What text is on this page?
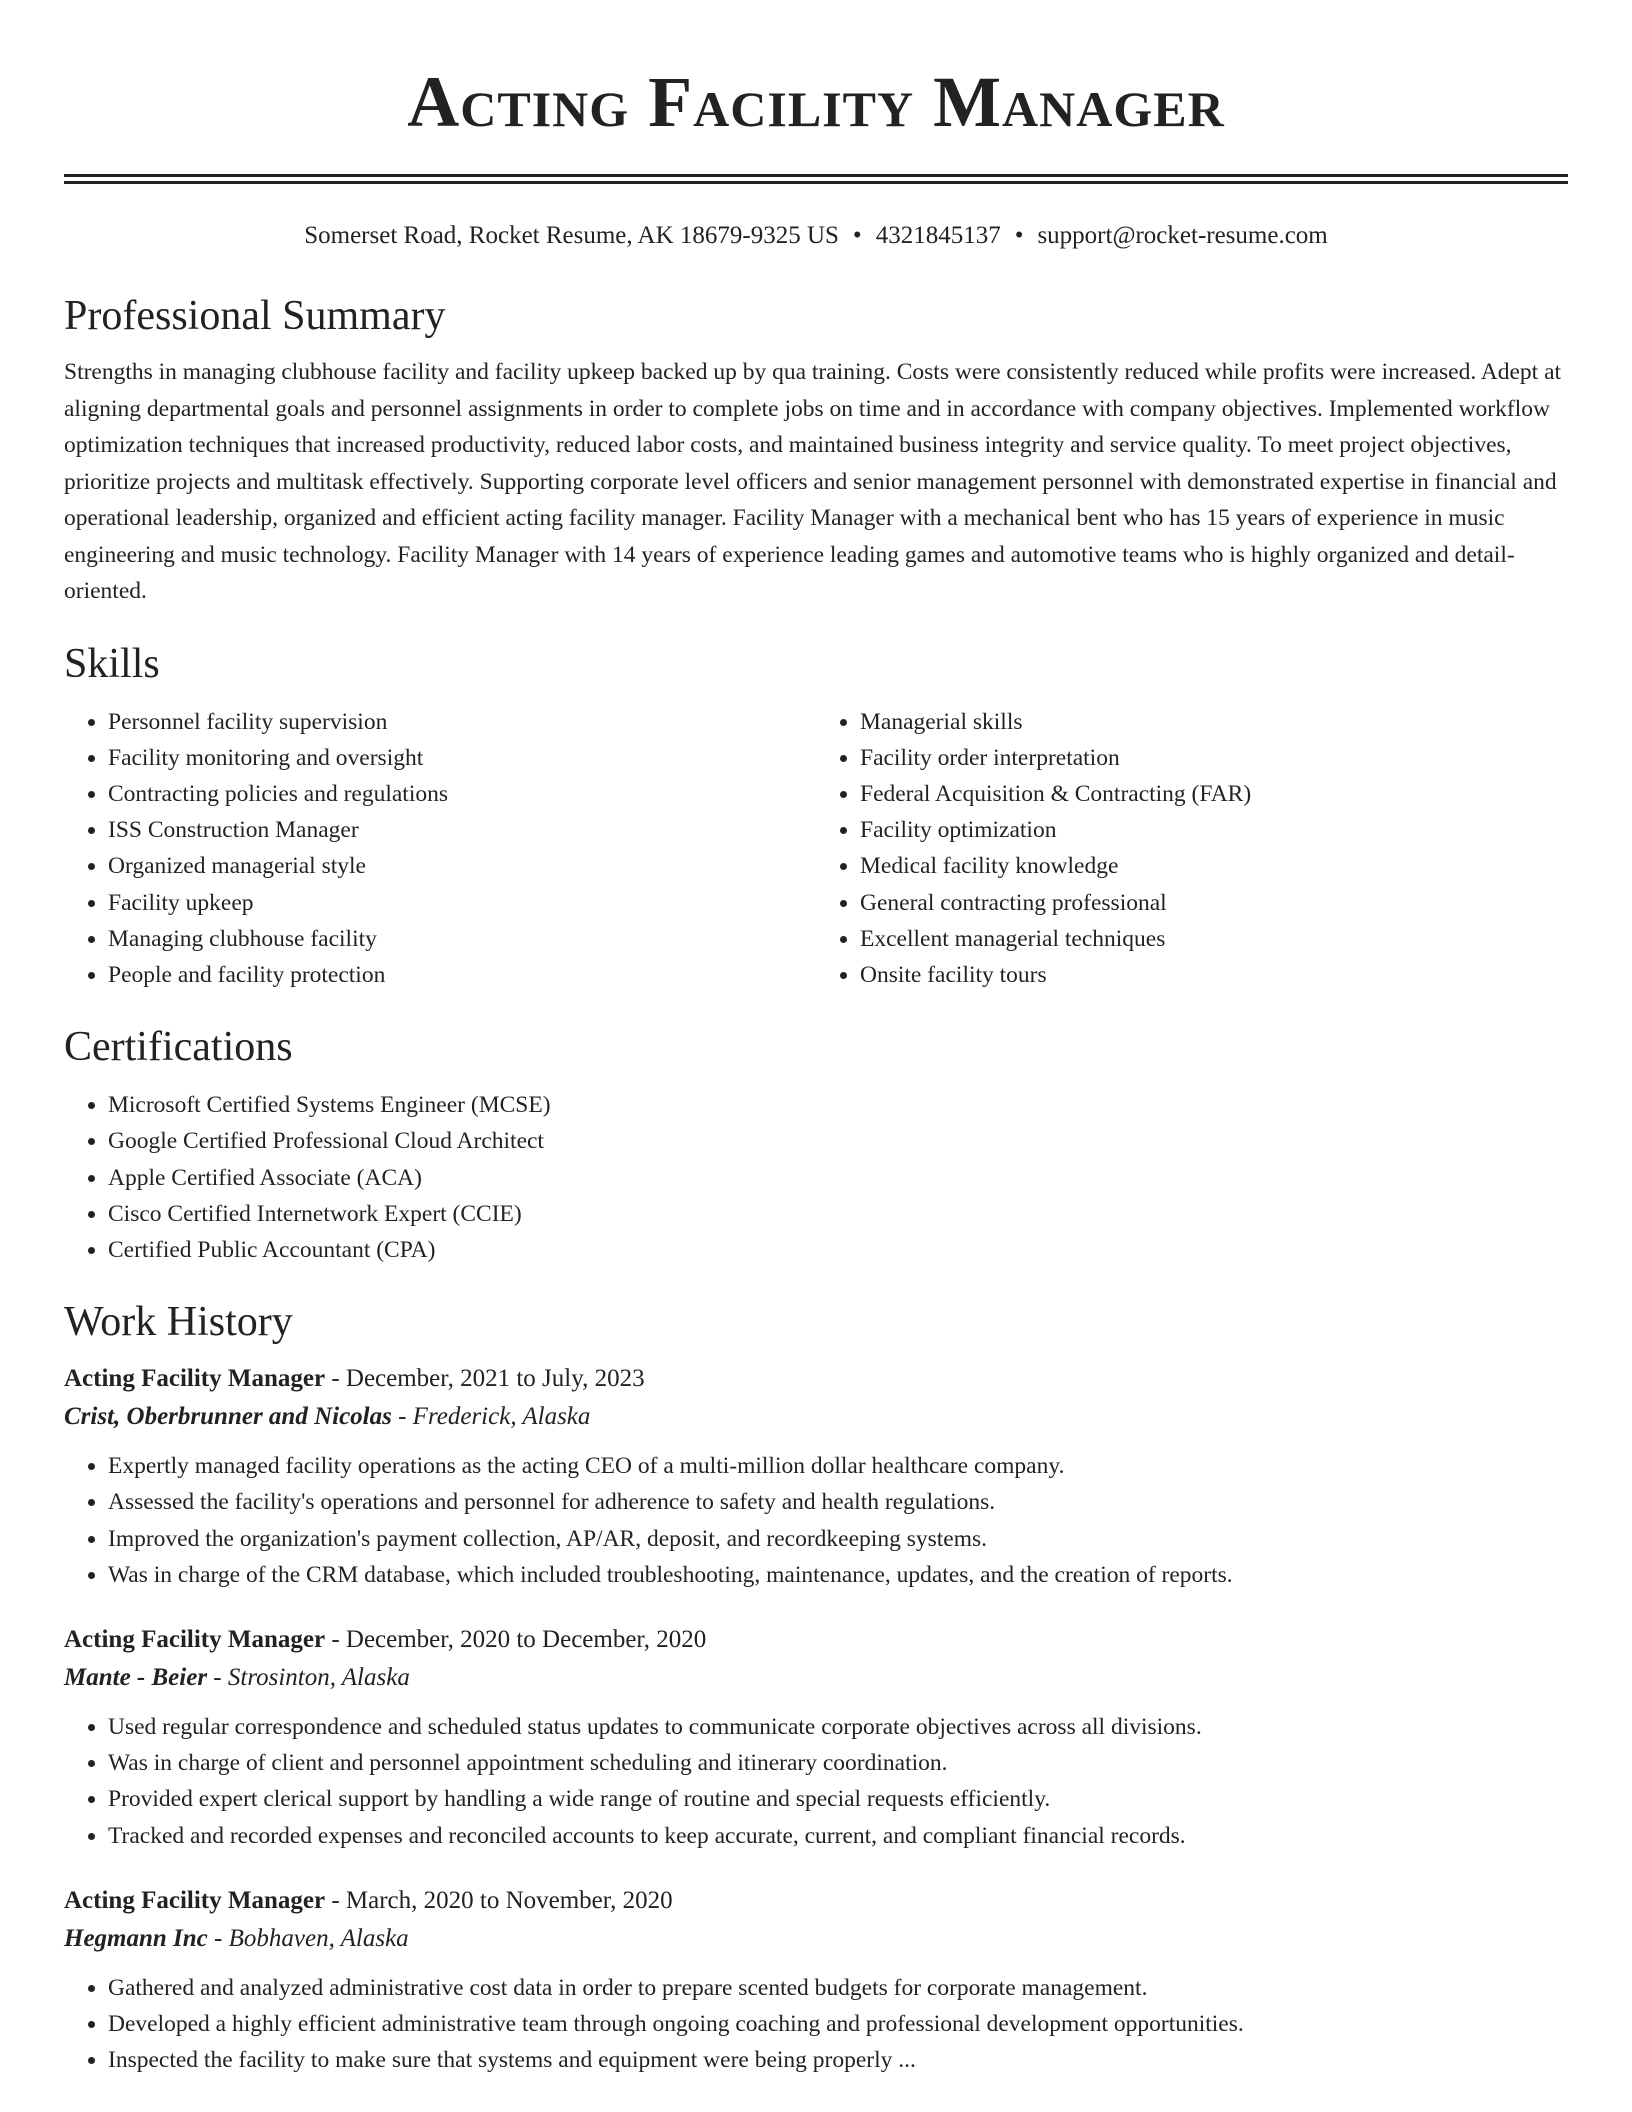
Acting Facility Manager
Somerset Road, Rocket Resume, AK 18679-9325 US • 4321845137 • support@rocket-resume.com
Professional Summary

Strengths in managing clubhouse facility and facility upkeep backed up by qua training. Costs were consistently reduced while profits were increased. Adept at aligning departmental goals and personnel assignments in order to complete jobs on time and in accordance with company objectives. Implemented workflow optimization techniques that increased productivity, reduced labor costs, and maintained business integrity and service quality. To meet project objectives, prioritize projects and multitask effectively. Supporting corporate level officers and senior management personnel with demonstrated expertise in financial and operational leadership, organized and efficient acting facility manager. Facility Manager with a mechanical bent who has 15 years of experience in music engineering and music technology. Facility Manager with 14 years of experience leading games and automotive teams who is highly organized and detail-oriented.

Skills
• Personnel facility supervision
• Facility monitoring and oversight
• Contracting policies and regulations
• ISS Construction Manager
• Organized managerial style
• Facility upkeep
• Managing clubhouse facility
• People and facility protection
• Managerial skills
• Facility order interpretation
• Federal Acquisition & Contracting (FAR)
• Facility optimization
• Medical facility knowledge
• General contracting professional
• Excellent managerial techniques
• Onsite facility tours
Certifications
• Microsoft Certified Systems Engineer (MCSE)
• Google Certified Professional Cloud Architect
• Apple Certified Associate (ACA)
• Cisco Certified Internetwork Expert (CCIE)
• Certified Public Accountant (CPA)
Work History
Acting Facility Manager - December, 2021 to July, 2023
Crist, Oberbrunner and Nicolas - Frederick, Alaska
• Expertly managed facility operations as the acting CEO of a multi-million dollar healthcare company.
• Assessed the facility's operations and personnel for adherence to safety and health regulations.
• Improved the organization's payment collection, AP/AR, deposit, and recordkeeping systems.
• Was in charge of the CRM database, which included troubleshooting, maintenance, updates, and the creation of reports.
Acting Facility Manager - December, 2020 to December, 2020
Mante - Beier - Strosinton, Alaska
• Used regular correspondence and scheduled status updates to communicate corporate objectives across all divisions.
• Was in charge of client and personnel appointment scheduling and itinerary coordination.
• Provided expert clerical support by handling a wide range of routine and special requests efficiently.
• Tracked and recorded expenses and reconciled accounts to keep accurate, current, and compliant financial records.
Acting Facility Manager - March, 2020 to November, 2020
Hegmann Inc - Bobhaven, Alaska
• Gathered and analyzed administrative cost data in order to prepare scented budgets for corporate management.
• Developed a highly efficient administrative team through ongoing coaching and professional development opportunities.
• Inspected the facility to make sure that systems and equipment were being properly ...
